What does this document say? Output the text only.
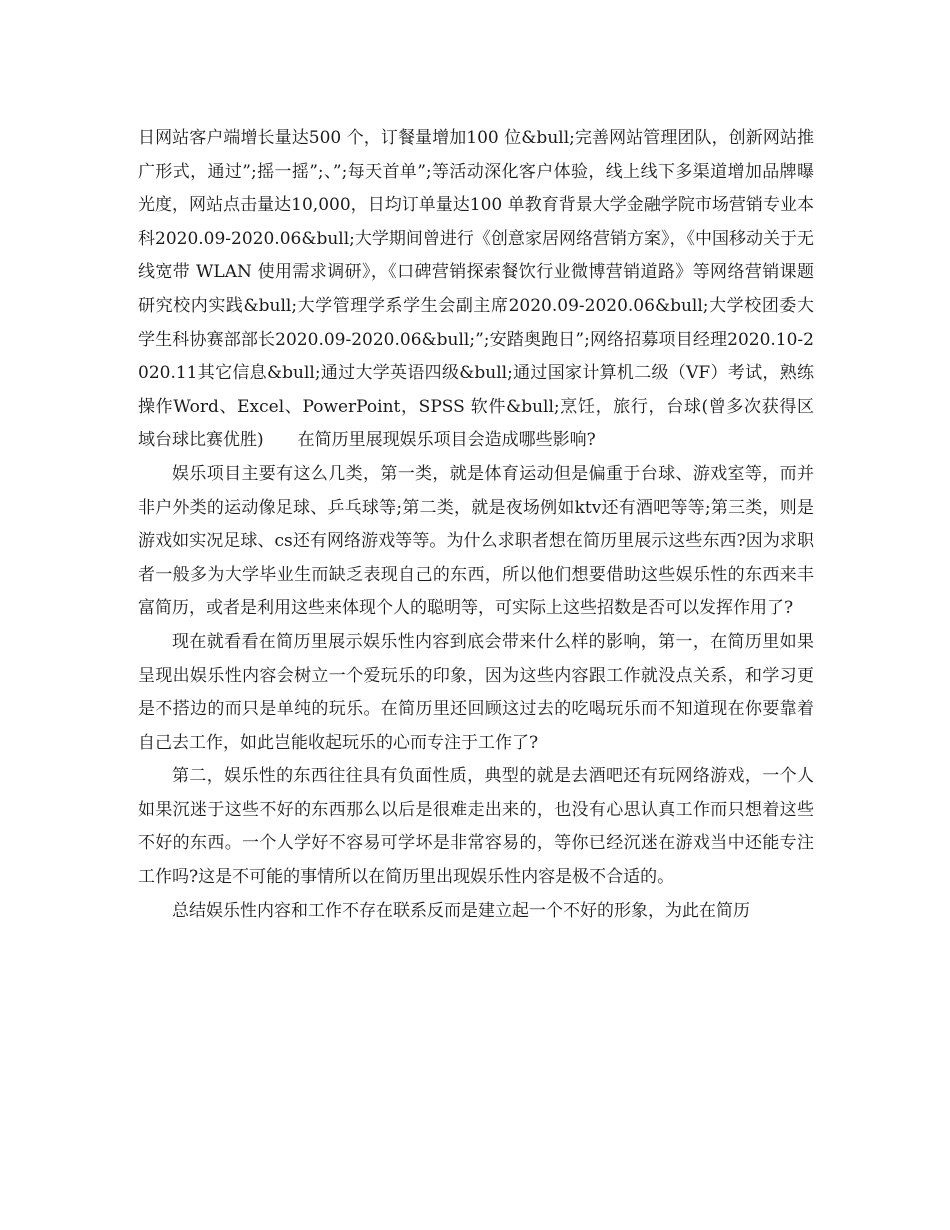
日网站客户端增长量达500 个，订餐量增加100 位&bull;完善网站管理团队，创新网站推广形式，通过”;摇一摇”;、”;每天首单”;等活动深化客户体验，线上线下多渠道增加品牌曝光度，网站点击量达10,000，日均订单量达100 单教育背景大学金融学院市场营销专业本科2020.09-2020.06&bull;大学期间曾进行《创意家居网络营销方案》，《中国移动关于无线宽带 WLAN 使用需求调研》，《口碑营销探索餐饮行业微博营销道路》等网络营销课题研究校内实践&bull;大学管理学系学生会副主席2020.09-2020.06&bull;大学校团委大学生科协赛部部长2020.09-2020.06&bull;”;安踏奥跑日”;网络招募项目经理2020.10-2020.11其它信息&bull;通过大学英语四级&bull;通过国家计算机二级（VF）考试，熟练操作Word、Excel、PowerPoint，SPSS 软件&bull;烹饪，旅行，台球(曾多次获得区域台球比赛优胜)　　在简历里展现娱乐项目会造成哪些影响?

娱乐项目主要有这么几类，第一类，就是体育运动但是偏重于台球、游戏室等，而并非户外类的运动像足球、乒乓球等;第二类，就是夜场例如ktv还有酒吧等等;第三类，则是游戏如实况足球、cs还有网络游戏等等。为什么求职者想在简历里展示这些东西?因为求职者一般多为大学毕业生而缺乏表现自己的东西，所以他们想要借助这些娱乐性的东西来丰富简历，或者是利用这些来体现个人的聪明等，可实际上这些招数是否可以发挥作用了?

现在就看看在简历里展示娱乐性内容到底会带来什么样的影响，第一，在简历里如果呈现出娱乐性内容会树立一个爱玩乐的印象，因为这些内容跟工作就没点关系，和学习更是不搭边的而只是单纯的玩乐。在简历里还回顾这过去的吃喝玩乐而不知道现在你要靠着自己去工作，如此岂能收起玩乐的心而专注于工作了?

第二，娱乐性的东西往往具有负面性质，典型的就是去酒吧还有玩网络游戏，一个人如果沉迷于这些不好的东西那么以后是很难走出来的，也没有心思认真工作而只想着这些不好的东西。一个人学好不容易可学坏是非常容易的，等你已经沉迷在游戏当中还能专注工作吗?这是不可能的事情所以在简历里出现娱乐性内容是极不合适的。

总结娱乐性内容和工作不存在联系反而是建立起一个不好的形象，为此在简历
